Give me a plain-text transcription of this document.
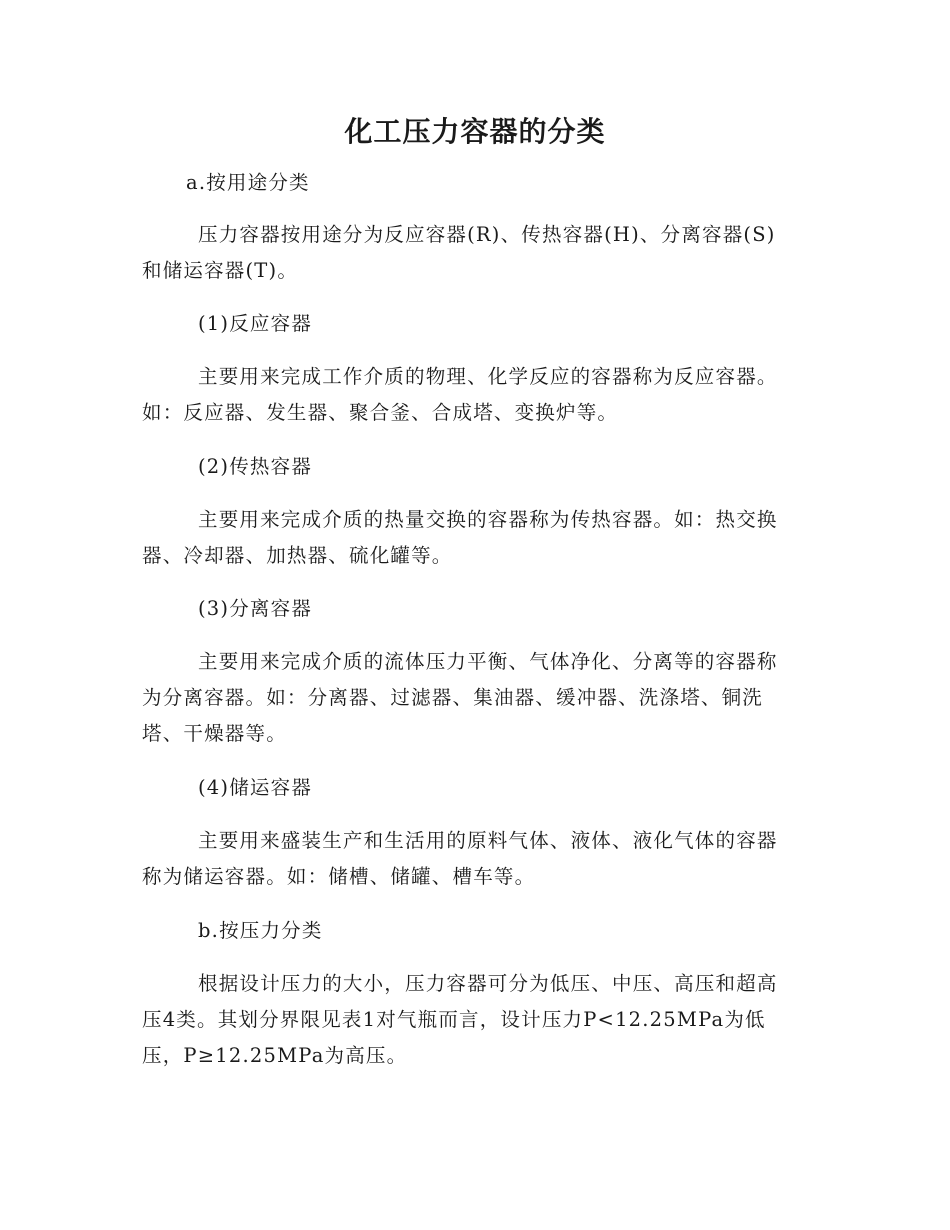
化工压力容器的分类
a.按用途分类
压力容器按用途分为反应容器(R)、传热容器(H)、分离容器(S)
和储运容器(T)。
(1)反应容器
主要用来完成工作介质的物理、化学反应的容器称为反应容器。
如：反应器、发生器、聚合釜、合成塔、变换炉等。
(2)传热容器
主要用来完成介质的热量交换的容器称为传热容器。如：热交换
器、冷却器、加热器、硫化罐等。
(3)分离容器
主要用来完成介质的流体压力平衡、气体净化、分离等的容器称
为分离容器。如：分离器、过滤器、集油器、缓冲器、洗涤塔、铜洗
塔、干燥器等。
(4)储运容器
主要用来盛装生产和生活用的原料气体、液体、液化气体的容器
称为储运容器。如：储槽、储罐、槽车等。
b.按压力分类
根据设计压力的大小，压力容器可分为低压、中压、高压和超高
压4类。其划分界限见表1对气瓶而言，设计压力P<12.25MPa为低
压，P≥12.25MPa为高压。
